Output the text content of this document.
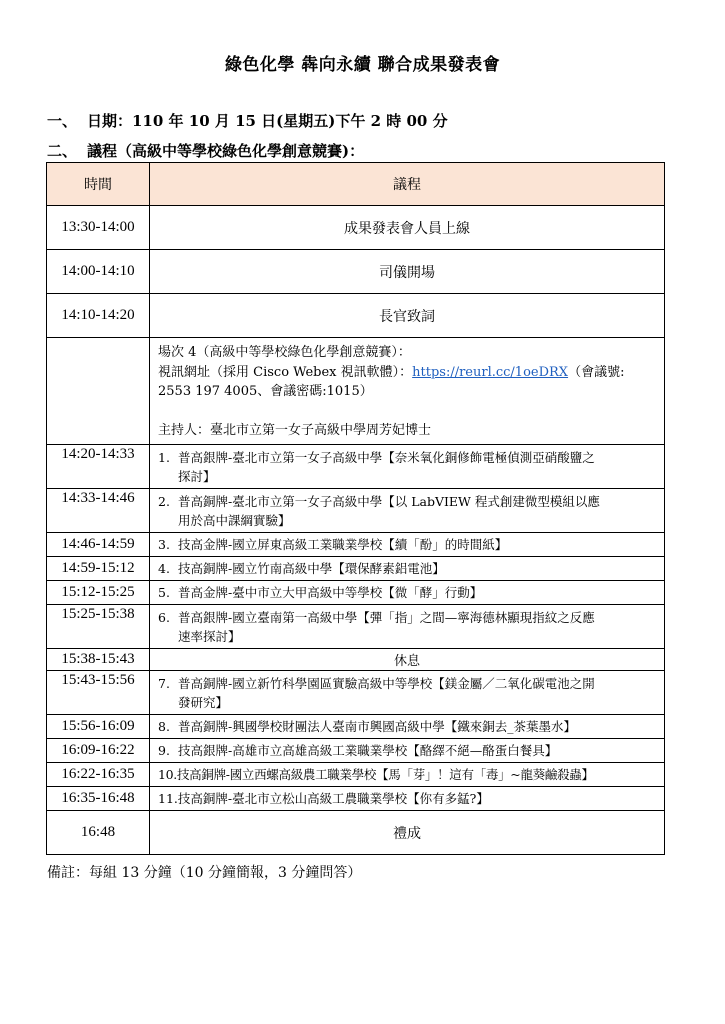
綠色化學 犇向永續 聯合成果發表會
一、 日期：110 年 10 月 15 日(星期五)下午 2 時 00 分
二、 議程（高級中等學校綠色化學創意競賽)：
時間	議程
13:30-14:00	成果發表會人員上線
14:00-14:10	司儀開場
14:10-14:20	長官致詞

	場次 4（高級中等學校綠色化學創意競賽）：
視訊網址（採用 Cisco Webex 視訊軟體）：https://reurl.cc/1oeDRX（會議號: 2553 197 4005、會議密碼:1015）
主持人：臺北市立第一女子高級中學周芳妃博士

14:20-14:33	1. 普高銀牌-臺北市立第一女子高級中學【奈米氧化銅修飾電極偵測亞硝酸鹽之
探討】

14:33-14:46	2. 普高銅牌-臺北市立第一女子高級中學【以 LabVIEW 程式創建微型模組以應
用於高中課綱實驗】

14:46-14:59	3. 技高金牌-國立屏東高級工業職業學校【續「酚」的時間紙】
14:59-15:12	4. 技高銅牌-國立竹南高級中學【環保酵素鋁電池】
15:12-15:25	5. 普高金牌-臺中市立大甲高級中等學校【微「酵」行動】
15:25-15:38	6. 普高銀牌-國立臺南第一高級中學【彈「指」之間—寧海德林顯現指紋之反應
速率探討】

15:38-15:43	休息
15:43-15:56	7. 普高銅牌-國立新竹科學園區實驗高級中等學校【鎂金屬／二氧化碳電池之開
發研究】

15:56-16:09	8. 普高銅牌-興國學校財團法人臺南市興國高級中學【鐵來銅去_茶葉墨水】
16:09-16:22	9. 技高銀牌-高雄市立高雄高級工業職業學校【酪繹不絕—酪蛋白餐具】
16:22-16:35	10.技高銅牌-國立西螺高級農工職業學校【馬「芽」！這有「毒」~龍葵鹼殺蟲】
16:35-16:48	11.技高銅牌-臺北市立松山高級工農職業學校【你有多錳?】
16:48	禮成
備註：每組 13 分鐘（10 分鐘簡報，3 分鐘問答）
